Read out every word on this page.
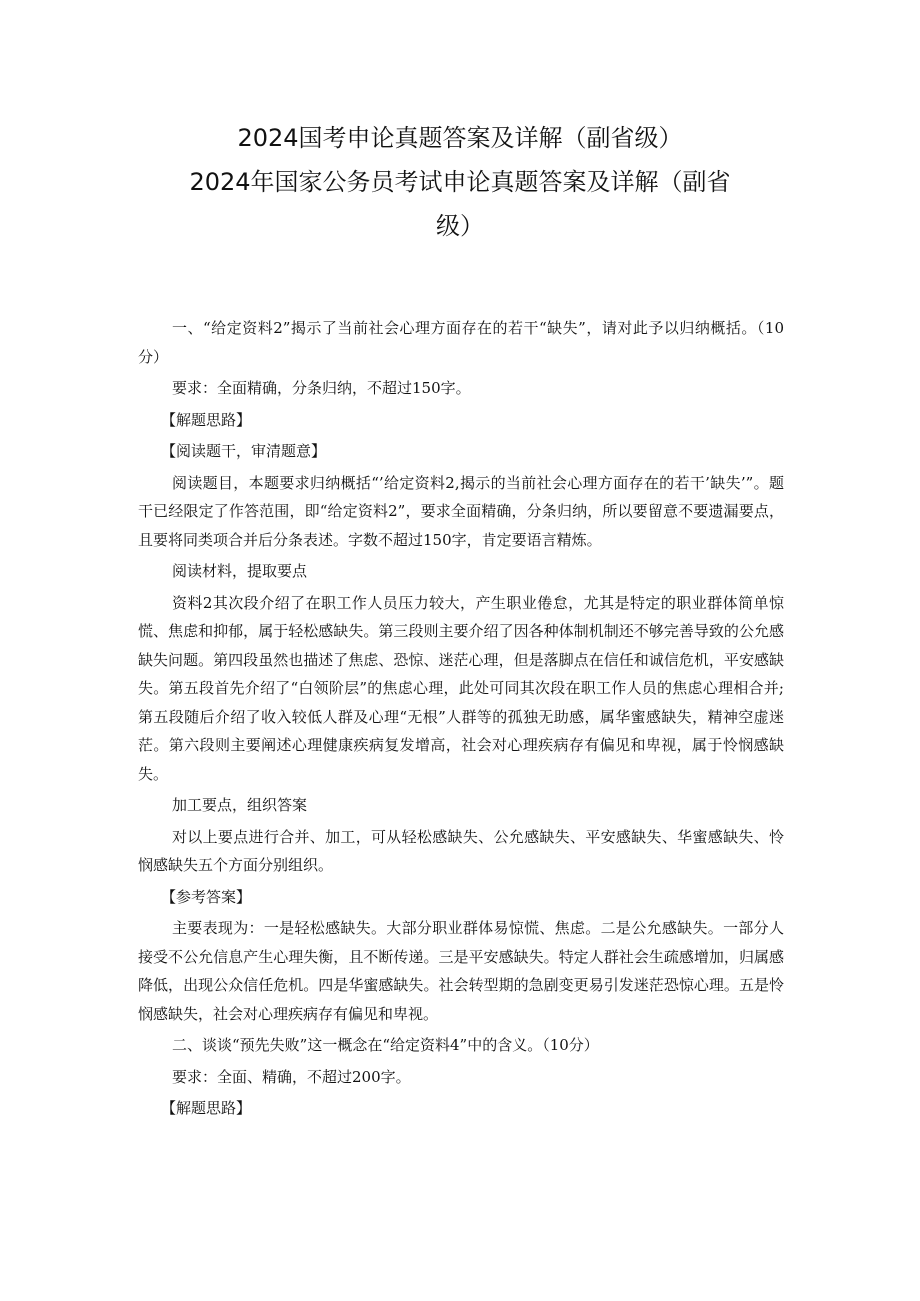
2024国考申论真题答案及详解（副省级）
2024年国家公务员考试申论真题答案及详解（副省
级）

一、“给定资料2”揭示了当前社会心理方面存在的若干“缺失”，请对此予以归纳概括。（10分）

要求：全面精确，分条归纳，不超过150字。

【解题思路】

【阅读题干，审清题意】

阅读题目，本题要求归纳概括“’给定资料2,揭示的当前社会心理方面存在的若干’缺失’”。题干已经限定了作答范围，即“给定资料2”，要求全面精确，分条归纳，所以要留意不要遗漏要点，且要将同类项合并后分条表述。字数不超过150字，肯定要语言精炼。

阅读材料，提取要点

资料2其次段介绍了在职工作人员压力较大，产生职业倦怠，尤其是特定的职业群体简单惊慌、焦虑和抑郁，属于轻松感缺失。第三段则主要介绍了因各种体制机制还不够完善导致的公允感缺失问题。第四段虽然也描述了焦虑、恐惊、迷茫心理，但是落脚点在信任和诚信危机，平安感缺失。第五段首先介绍了“白领阶层”的焦虑心理，此处可同其次段在职工作人员的焦虑心理相合并;第五段随后介绍了收入较低人群及心理“无根”人群等的孤独无助感，属华蜜感缺失，精神空虚迷茫。第六段则主要阐述心理健康疾病复发增高，社会对心理疾病存有偏见和卑视，属于怜悯感缺失。

加工要点，组织答案

对以上要点进行合并、加工，可从轻松感缺失、公允感缺失、平安感缺失、华蜜感缺失、怜悯感缺失五个方面分别组织。

【参考答案】

主要表现为：一是轻松感缺失。大部分职业群体易惊慌、焦虑。二是公允感缺失。一部分人接受不公允信息产生心理失衡，且不断传递。三是平安感缺失。特定人群社会生疏感增加，归属感降低，出现公众信任危机。四是华蜜感缺失。社会转型期的急剧变更易引发迷茫恐惊心理。五是怜悯感缺失，社会对心理疾病存有偏见和卑视。

二、谈谈“预先失败”这一概念在“给定资料4”中的含义。（10分）

要求：全面、精确，不超过200字。

【解题思路】
